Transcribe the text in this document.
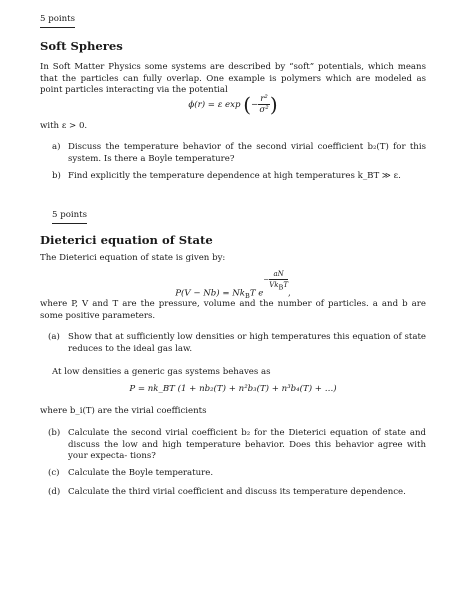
5 points
Soft Spheres

In Soft Matter Physics some systems are described by “soft” potentials, which means that the particles can fully overlap. One example is polymers which are modeled as point particles interacting via the potential

ϕ(r) = ε exp (− $\frac{\text{r²}}{\text{σ²}}$ )
with ε > 0.
a) Discuss the temperature behavior of the second virial coefficient b₂(T) for this system. Is there a Boyle temperature?
b) Find explicitly the temperature dependence at high temperatures k_BT ≫ ε.
5 points
Dieterici equation of State
The Dieterici equation of state is given by:
$P(V - Nb) = Nk_BT$ $e- \frac{aN}{Vk_BT}$
,
where P, V and T are the pressure, volume and the number of particles. a and b are some positive parameters.
(a) Show that at sufficiently low densities or high temperatures this equation of state reduces to the ideal gas law.
At low densities a generic gas systems behaves as
P = nk_BT (1 + nb₂(T) + n²b₃(T) + n³b₄(T) + …)
where b_i(T) are the virial coefficients
(b) Calculate the second virial coefficient b₂ for the Dieterici equation of state and discuss the low and high temperature behavior. Does this behavior agree with your expecta- tions?
(c) Calculate the Boyle temperature.
(d) Calculate the third virial coefficient and discuss its temperature dependence.
